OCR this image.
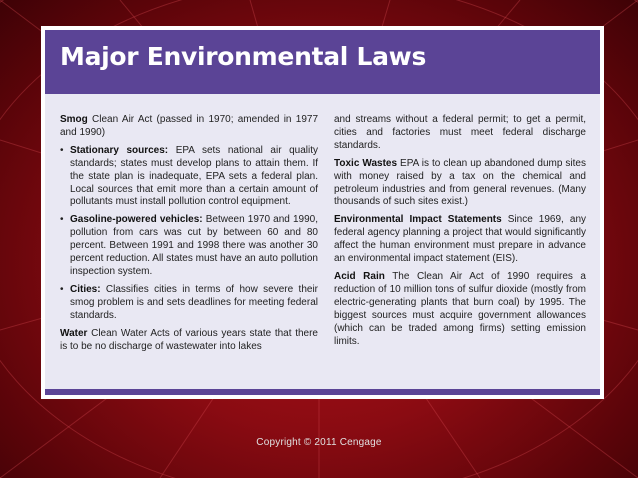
Major Environmental Laws

Smog Clean Air Act (passed in 1970; amended in 1977 and 1990)

• Stationary sources: EPA sets national air quality standards; states must develop plans to attain them. If the state plan is inadequate, EPA sets a federal plan. Local sources that emit more than a certain amount of pollutants must install pollution control equipment.
• Gasoline-powered vehicles: Between 1970 and 1990, pollution from cars was cut by between 60 and 80 percent. Between 1991 and 1998 there was another 30 percent reduction. All states must have an auto pollution inspection system.
• Cities: Classifies cities in terms of how severe their smog problem is and sets deadlines for meeting federal standards.

Water Clean Water Acts of various years state that there is to be no discharge of wastewater into lakes

and streams without a federal permit; to get a permit, cities and factories must meet federal discharge standards.

Toxic Wastes EPA is to clean up abandoned dump sites with money raised by a tax on the chemical and petroleum industries and from general revenues. (Many thousands of such sites exist.)

Environmental Impact Statements Since 1969, any federal agency planning a project that would significantly affect the human environment must prepare in advance an environmental impact statement (EIS).

Acid Rain The Clean Air Act of 1990 requires a reduction of 10 million tons of sulfur dioxide (mostly from electric-generating plants that burn coal) by 1995. The biggest sources must acquire government allowances (which can be traded among firms) setting emission limits.

Copyright © 2011 Cengage
